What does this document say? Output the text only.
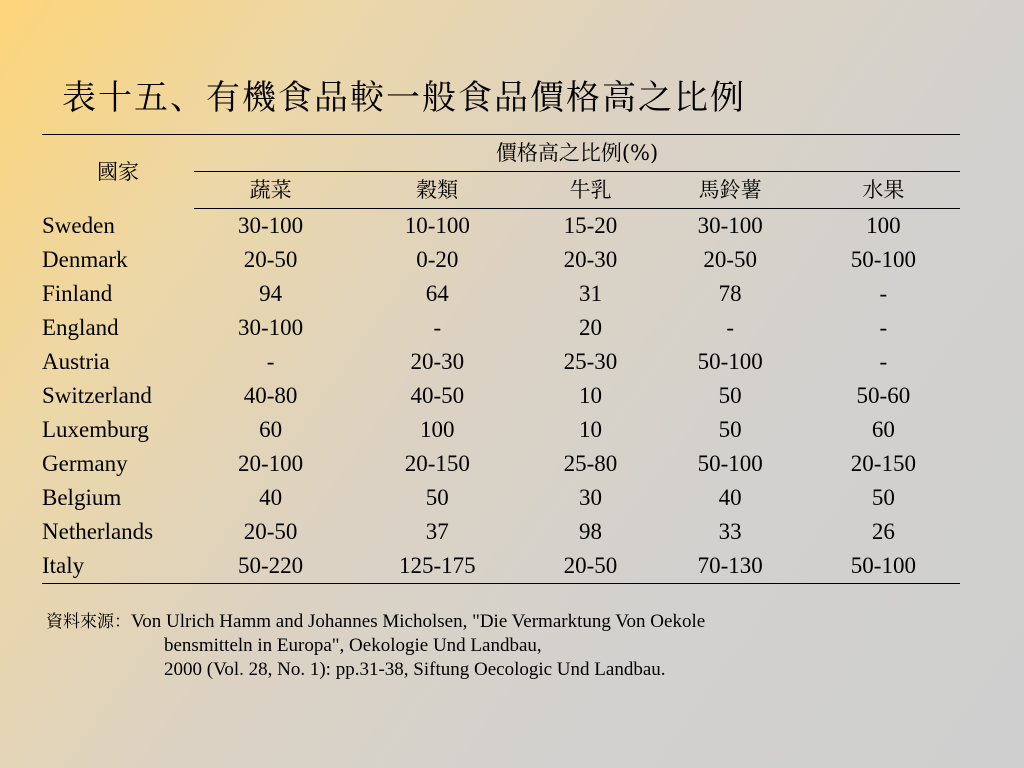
表十五、有機食品較一般食品價格高之比例
國家	價格高之比例(%)				
	蔬菜	穀類	牛乳	馬鈴薯	水果
Sweden	30-100	10-100	15-20	30-100	100
Denmark	20-50	0-20	20-30	20-50	50-100
Finland	94	64	31	78	-
England	30-100	-	20	-	-
Austria	-	20-30	25-30	50-100	-
Switzerland	40-80	40-50	10	50	50-60
Luxemburg	60	100	10	50	60
Germany	20-100	20-150	25-80	50-100	20-150
Belgium	40	50	30	40	50
Netherlands	20-50	37	98	33	26
Italy	50-220	125-175	20-50	70-130	50-100
資料來源：Von Ulrich Hamm and Johannes Micholsen, "Die Vermarktung Von Oekole
bensmitteln in Europa", Oekologie Und Landbau,
2000 (Vol. 28, No. 1): pp.31-38, Siftung Oecologic Und Landbau.
